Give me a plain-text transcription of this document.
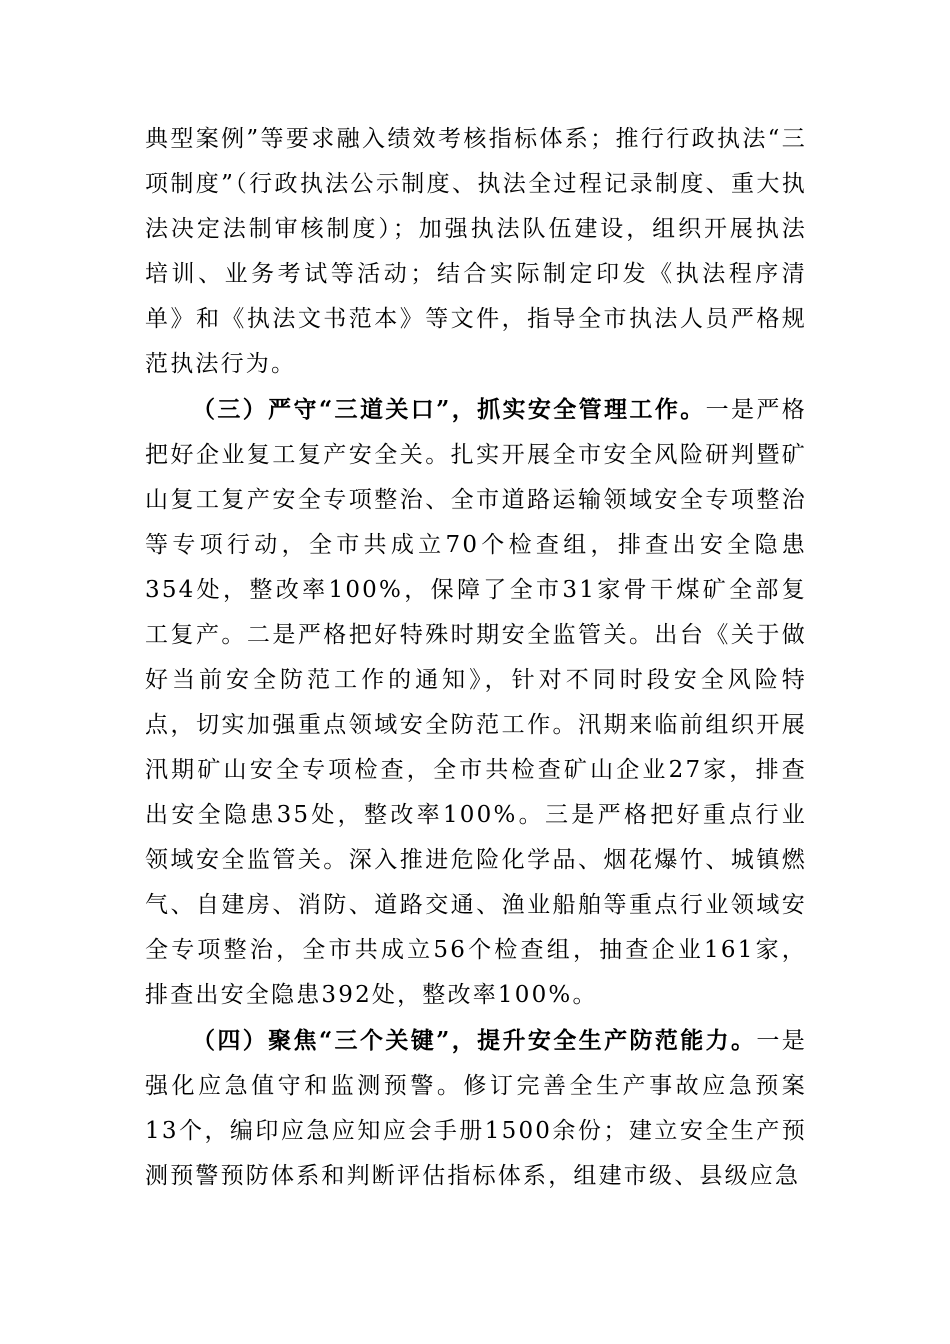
典型案例”等要求融入绩效考核指标体系；推行行政执法“三项制度”（行政执法公示制度、执法全过程记录制度、重大执法决定法制审核制度）；加强执法队伍建设，组织开展执法培训、业务考试等活动；结合实际制定印发《执法程序清单》和《执法文书范本》等文件，指导全市执法人员严格规范执法行为。

（三）严守“三道关口”，抓实安全管理工作。一是严格把好企业复工复产安全关。扎实开展全市安全风险研判暨矿山复工复产安全专项整治、全市道路运输领域安全专项整治等专项行动，全市共成立70个检查组，排查出安全隐患354处，整改率100%，保障了全市31家骨干煤矿全部复工复产。二是严格把好特殊时期安全监管关。出台《关于做好当前安全防范工作的通知》，针对不同时段安全风险特点，切实加强重点领域安全防范工作。汛期来临前组织开展汛期矿山安全专项检查，全市共检查矿山企业27家，排查出安全隐患35处，整改率100%。三是严格把好重点行业领域安全监管关。深入推进危险化学品、烟花爆竹、城镇燃气、自建房、消防、道路交通、渔业船舶等重点行业领域安全专项整治，全市共成立56个检查组，抽查企业161家，排查出安全隐患392处，整改率100%。

（四）聚焦“三个关键”，提升安全生产防范能力。一是强化应急值守和监测预警。修订完善全生产事故应急预案13个，编印应急应知应会手册1500余份；建立安全生产预测预警预防体系和判断评估指标体系，组建市级、县级应急
